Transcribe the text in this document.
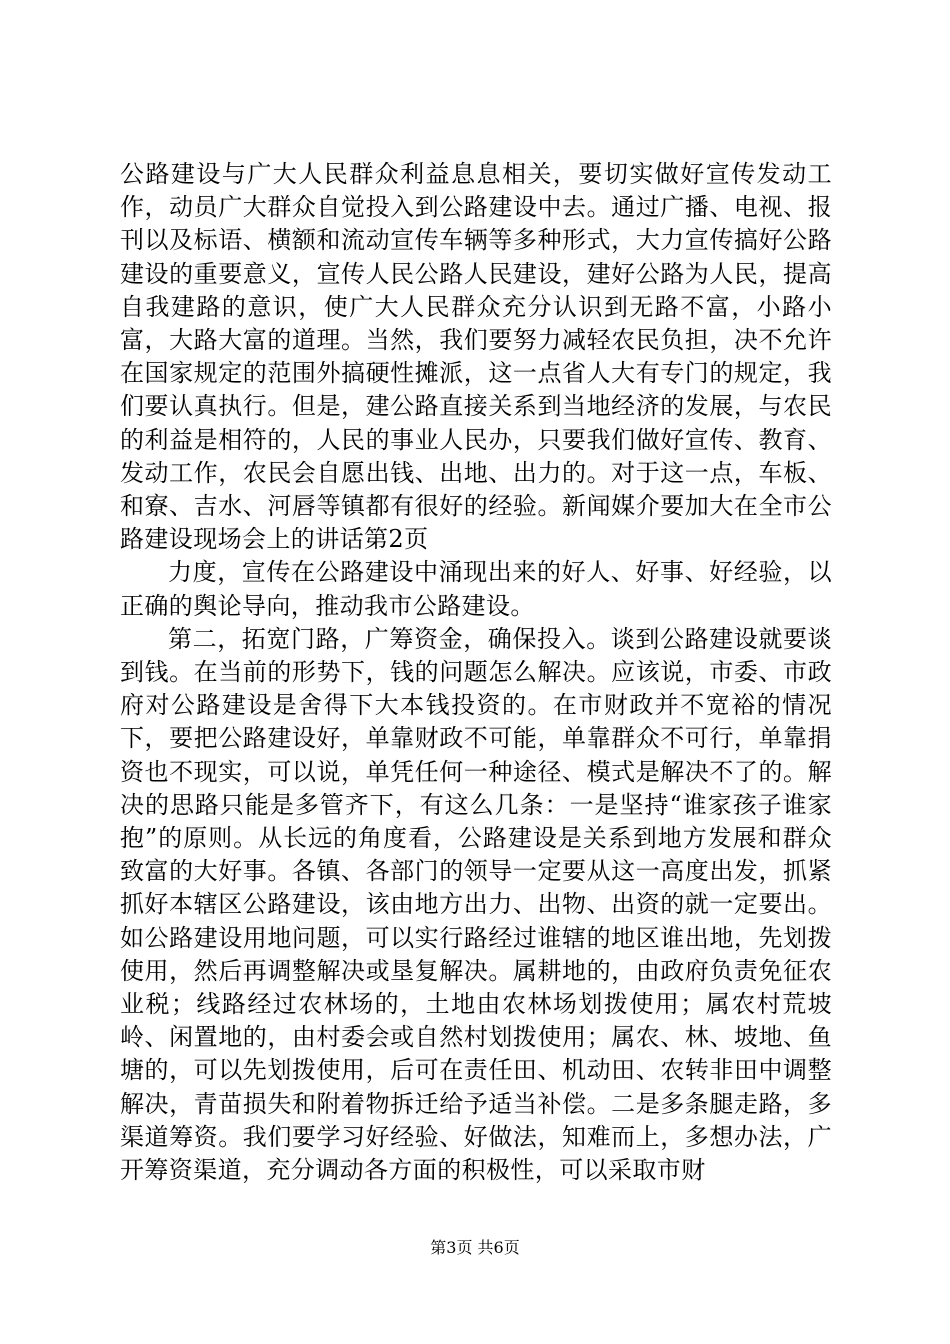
公路建设与广大人民群众利益息息相关，要切实做好宣传发动工作，动员广大群众自觉投入到公路建设中去。通过广播、电视、报刊以及标语、横额和流动宣传车辆等多种形式，大力宣传搞好公路建设的重要意义，宣传人民公路人民建设，建好公路为人民，提高自我建路的意识，使广大人民群众充分认识到无路不富，小路小富，大路大富的道理。当然，我们要努力减轻农民负担，决不允许在国家规定的范围外搞硬性摊派，这一点省人大有专门的规定，我们要认真执行。但是，建公路直接关系到当地经济的发展，与农民的利益是相符的，人民的事业人民办，只要我们做好宣传、教育、发动工作，农民会自愿出钱、出地、出力的。对于这一点，车板、和寮、吉水、河唇等镇都有很好的经验。新闻媒介要加大在全市公路建设现场会上的讲话第2页

力度，宣传在公路建设中涌现出来的好人、好事、好经验，以正确的舆论导向，推动我市公路建设。

第二，拓宽门路，广筹资金，确保投入。谈到公路建设就要谈到钱。在当前的形势下，钱的问题怎么解决。应该说，市委、市政府对公路建设是舍得下大本钱投资的。在市财政并不宽裕的情况下，要把公路建设好，单靠财政不可能，单靠群众不可行，单靠捐资也不现实，可以说，单凭任何一种途径、模式是解决不了的。解决的思路只能是多管齐下，有这么几条：一是坚持“谁家孩子谁家抱”的原则。从长远的角度看，公路建设是关系到地方发展和群众致富的大好事。各镇、各部门的领导一定要从这一高度出发，抓紧抓好本辖区公路建设，该由地方出力、出物、出资的就一定要出。如公路建设用地问题，可以实行路经过谁辖的地区谁出地，先划拨使用，然后再调整解决或垦复解决。属耕地的，由政府负责免征农业税；线路经过农林场的，土地由农林场划拨使用；属农村荒坡岭、闲置地的，由村委会或自然村划拨使用；属农、林、坡地、鱼塘的，可以先划拨使用，后可在责任田、机动田、农转非田中调整解决，青苗损失和附着物拆迁给予适当补偿。二是多条腿走路，多渠道筹资。我们要学习好经验、好做法，知难而上，多想办法，广开筹资渠道，充分调动各方面的积极性，可以采取市财

第3页 共6页
